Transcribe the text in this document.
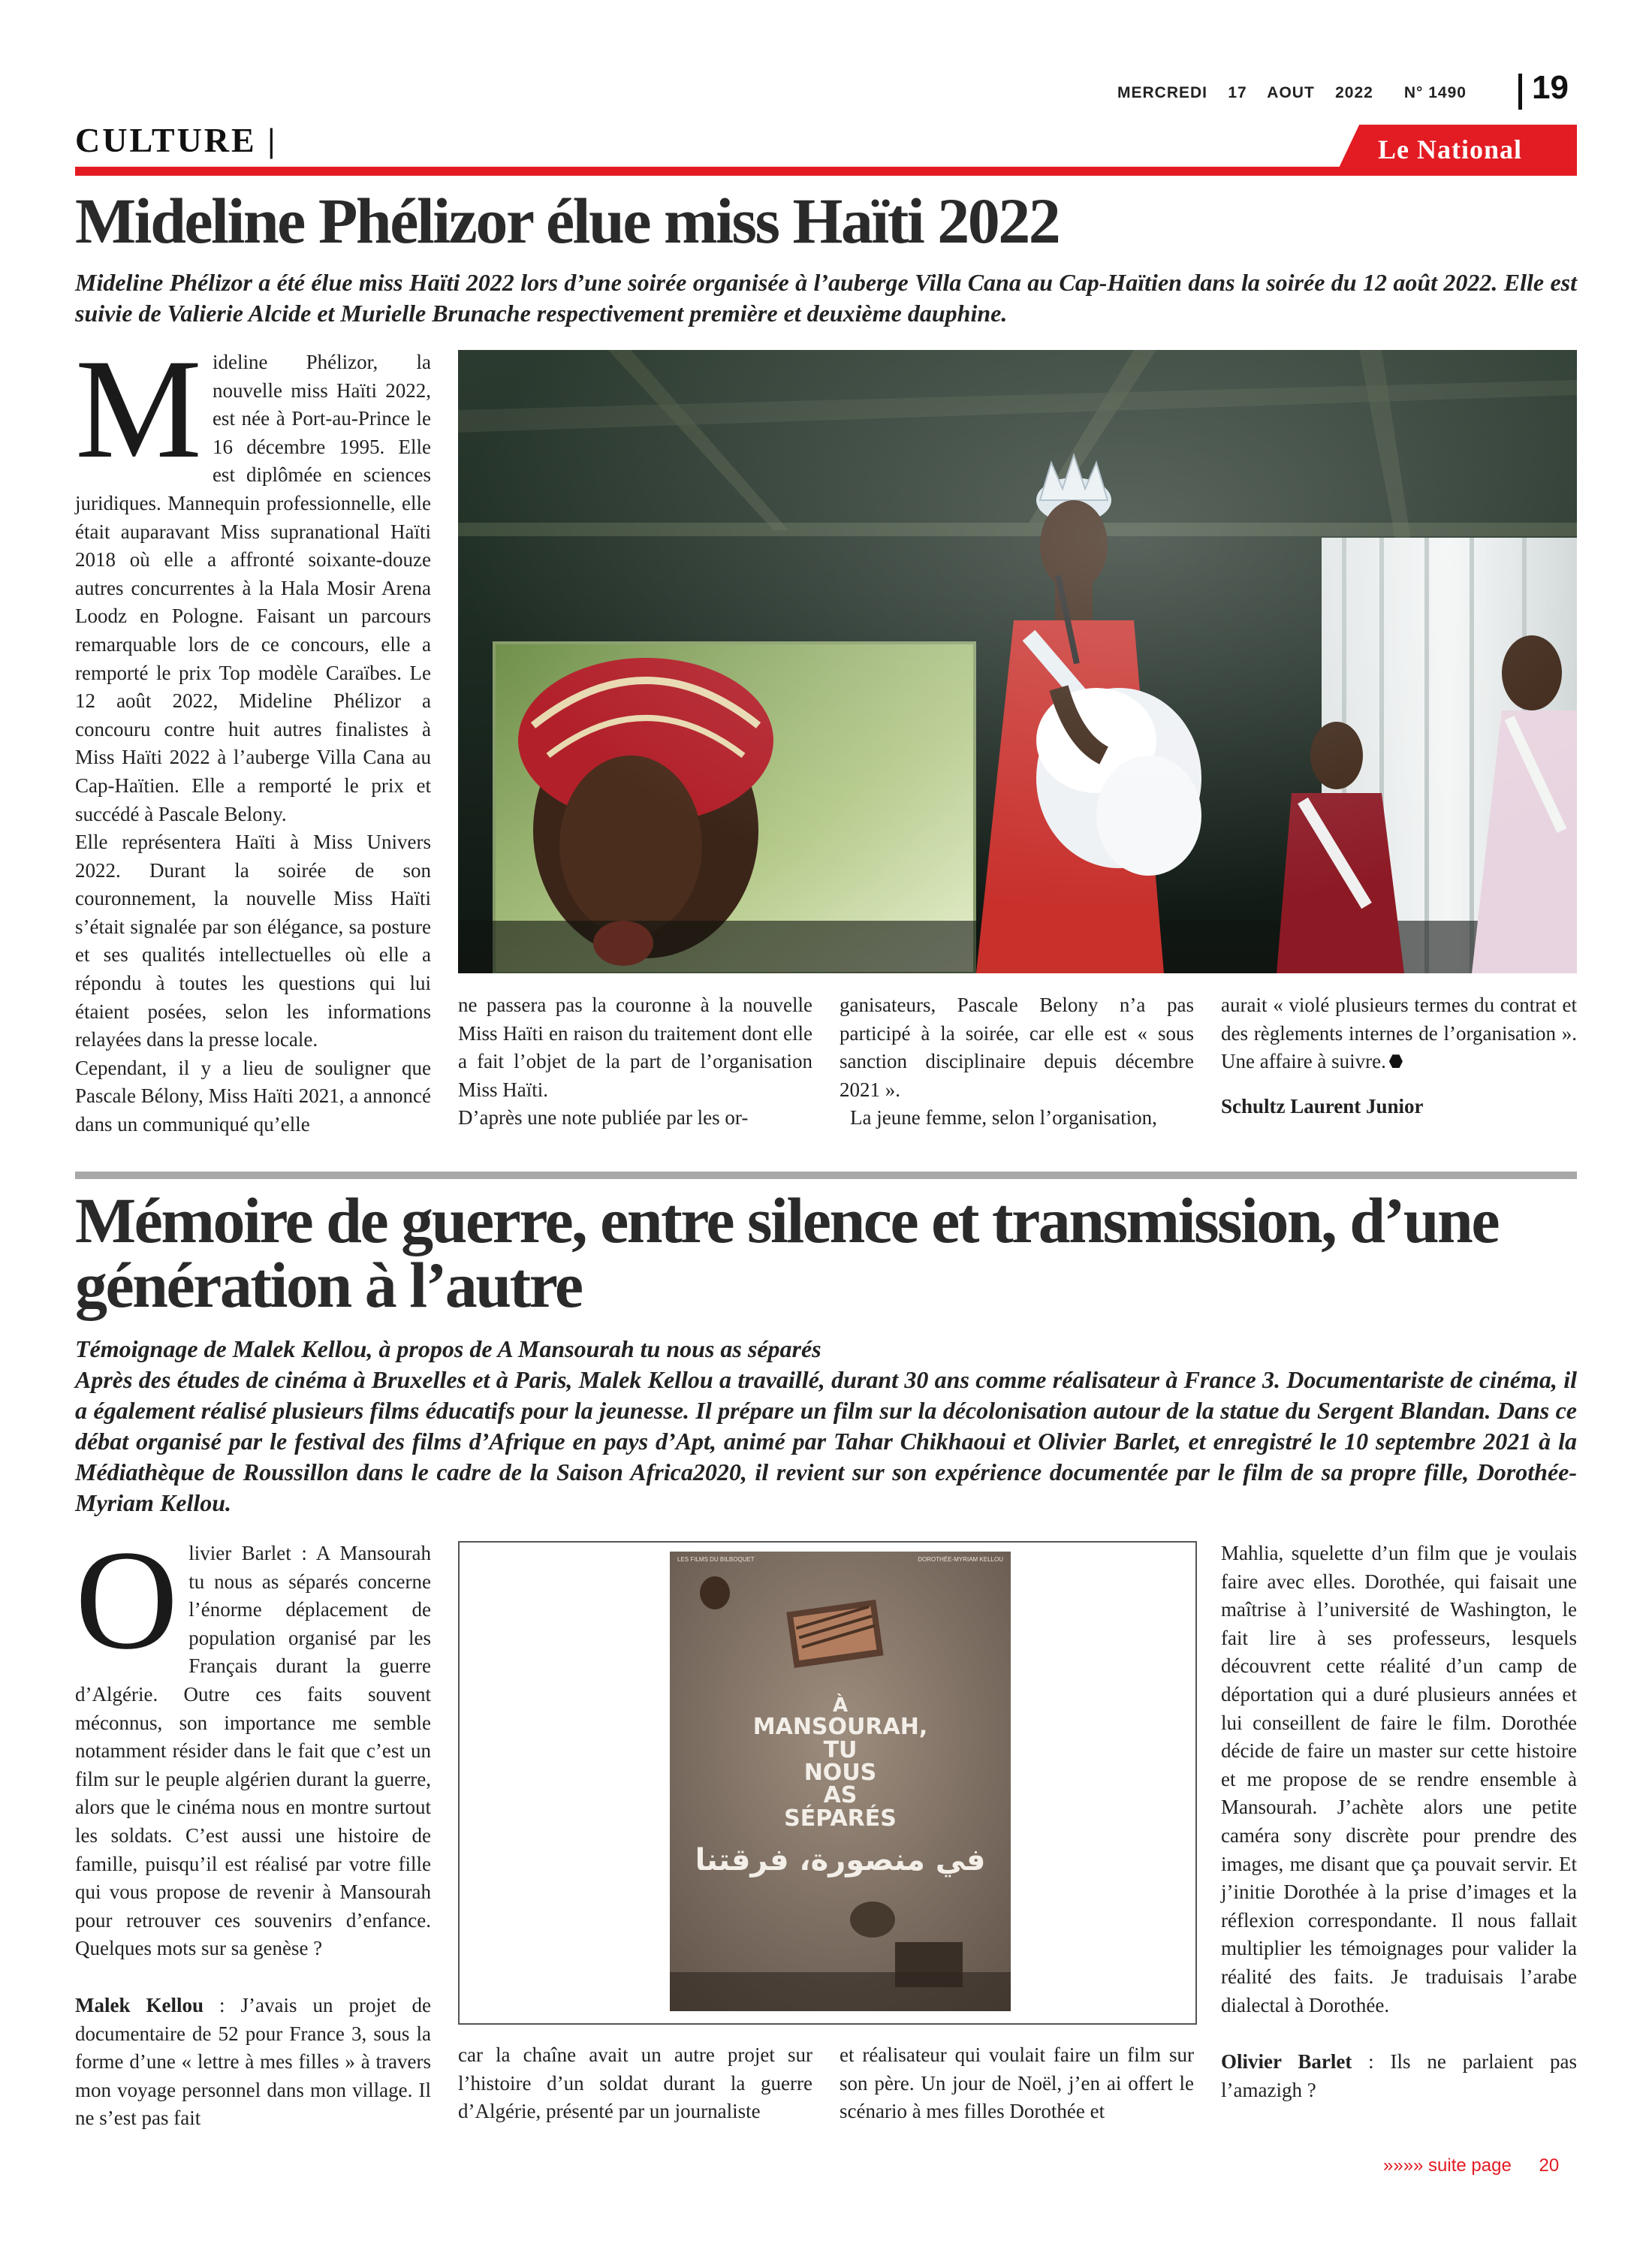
MERCREDI 17 AOUT 2022 N° 1490 19
CULTURE |	Le National
Mideline Phélizor élue miss Haïti 2022

Mideline Phélizor a été élue miss Haïti 2022 lors d’une soirée organisée à l’auberge Villa Cana au Cap-Haïtien dans la soirée du 12 août 2022. Elle est suivie de Valierie Alcide et Murielle Brunache respectivement première et deuxième dauphine.

M ideline Phélizor, la nouvelle miss Haïti 2022, est née à Port-au-Prince le 16 décembre 1995. Elle est diplômée en sciences juridiques. Mannequin professionnelle, elle était auparavant Miss supranational Haïti 2018 où elle a affronté soixante-douze autres concurrentes à la Hala Mosir Arena Loodz en Pologne. Faisant un parcours remarquable lors de ce concours, elle a remporté le prix Top modèle Caraïbes. Le 12 août 2022, Mideline Phélizor a concouru contre huit autres finalistes à Miss Haïti 2022 à l’auberge Villa Cana au Cap-Haïtien. Elle a remporté le prix et succédé à Pascale Belony.

Elle représentera Haïti à Miss Univers 2022. Durant la soirée de son couronnement, la nouvelle Miss Haïti s’était signalée par son élégance, sa posture et ses qualités intellectuelles où elle a répondu à toutes les questions qui lui étaient posées, selon les informations relayées dans la presse locale.

Cependant, il y a lieu de souligner que Pascale Bélony, Miss Haïti 2021, a annoncé dans un communiqué qu’elle

ne passera pas la couronne à la nouvelle Miss Haïti en raison du traitement dont elle a fait l’objet de la part de l’organisation Miss Haïti.

D’après une note publiée par les or-

ganisateurs, Pascale Belony n’a pas participé à la soirée, car elle est « sous sanction disciplinaire depuis décembre 2021 ».

La jeune femme, selon l’organisation,

aurait « violé plusieurs termes du contrat et des règlements internes de l’organisation ». Une affaire à suivre.

Schultz Laurent Junior

Mémoire de guerre, entre silence et transmission, d’une
génération à l’autre
Témoignage de Malek Kellou, à propos de A Mansourah tu nous as séparés
Après des études de cinéma à Bruxelles et à Paris, Malek Kellou a travaillé, durant 30 ans comme réalisateur à France 3. Documentariste de cinéma, il a également réalisé plusieurs films éducatifs pour la jeunesse. Il prépare un film sur la décolonisation autour de la statue du Sergent Blandan. Dans ce débat organisé par le festival des films d’Afrique en pays d’Apt, animé par Tahar Chikhaoui et Olivier Barlet, et enregistré le 10 septembre 2021 à la Médiathèque de Roussillon dans le cadre de la Saison Africa2020, il revient sur son expérience documentée par le film de sa propre fille, Dorothée-Myriam Kellou.
O livier Barlet : A Mansourah tu nous as séparés concerne l’énorme déplacement de population organisé par les Français durant la guerre d’Algérie. Outre ces faits souvent méconnus, son importance me semble notamment résider dans le fait que c’est un film sur le peuple algérien durant la guerre, alors que le cinéma nous en montre surtout les soldats. C’est aussi une histoire de famille, puisqu’il est réalisé par votre fille qui vous propose de revenir à Mansourah pour retrouver ces souvenirs d’enfance. Quelques mots sur sa genèse ?

Malek Kellou : J’avais un projet de documentaire de 52 pour France 3, sous la forme d’une « lettre à mes filles » à travers mon voyage personnel dans mon village. Il ne s’est pas fait

LES FILMS DU BILBOQUET	DOROTHÉE-MYRIAM KELLOU
À
MANSOURAH,
TU
NOUS
AS
SÉPARÉS
في منصورة، فرقتنا

car la chaîne avait un autre projet sur l’histoire d’un soldat durant la guerre d’Algérie, présenté par un journaliste

et réalisateur qui voulait faire un film sur son père. Un jour de Noël, j’en ai offert le scénario à mes filles Dorothée et

Mahlia, squelette d’un film que je voulais faire avec elles. Dorothée, qui faisait une maîtrise à l’université de Washington, le fait lire à ses professeurs, lesquels découvrent cette réalité d’un camp de déportation qui a duré plusieurs années et lui conseillent de faire le film. Dorothée décide de faire un master sur cette histoire et me propose de se rendre ensemble à Mansourah. J’achète alors une petite caméra sony discrète pour prendre des images, me disant que ça pouvait servir. Et j’initie Dorothée à la prise d’images et la réflexion correspondante. Il nous fallait multiplier les témoignages pour valider la réalité des faits. Je traduisais l’arabe dialectal à Dorothée.

Olivier Barlet : Ils ne parlaient pas l’amazigh ?

»»»» suite page 20
